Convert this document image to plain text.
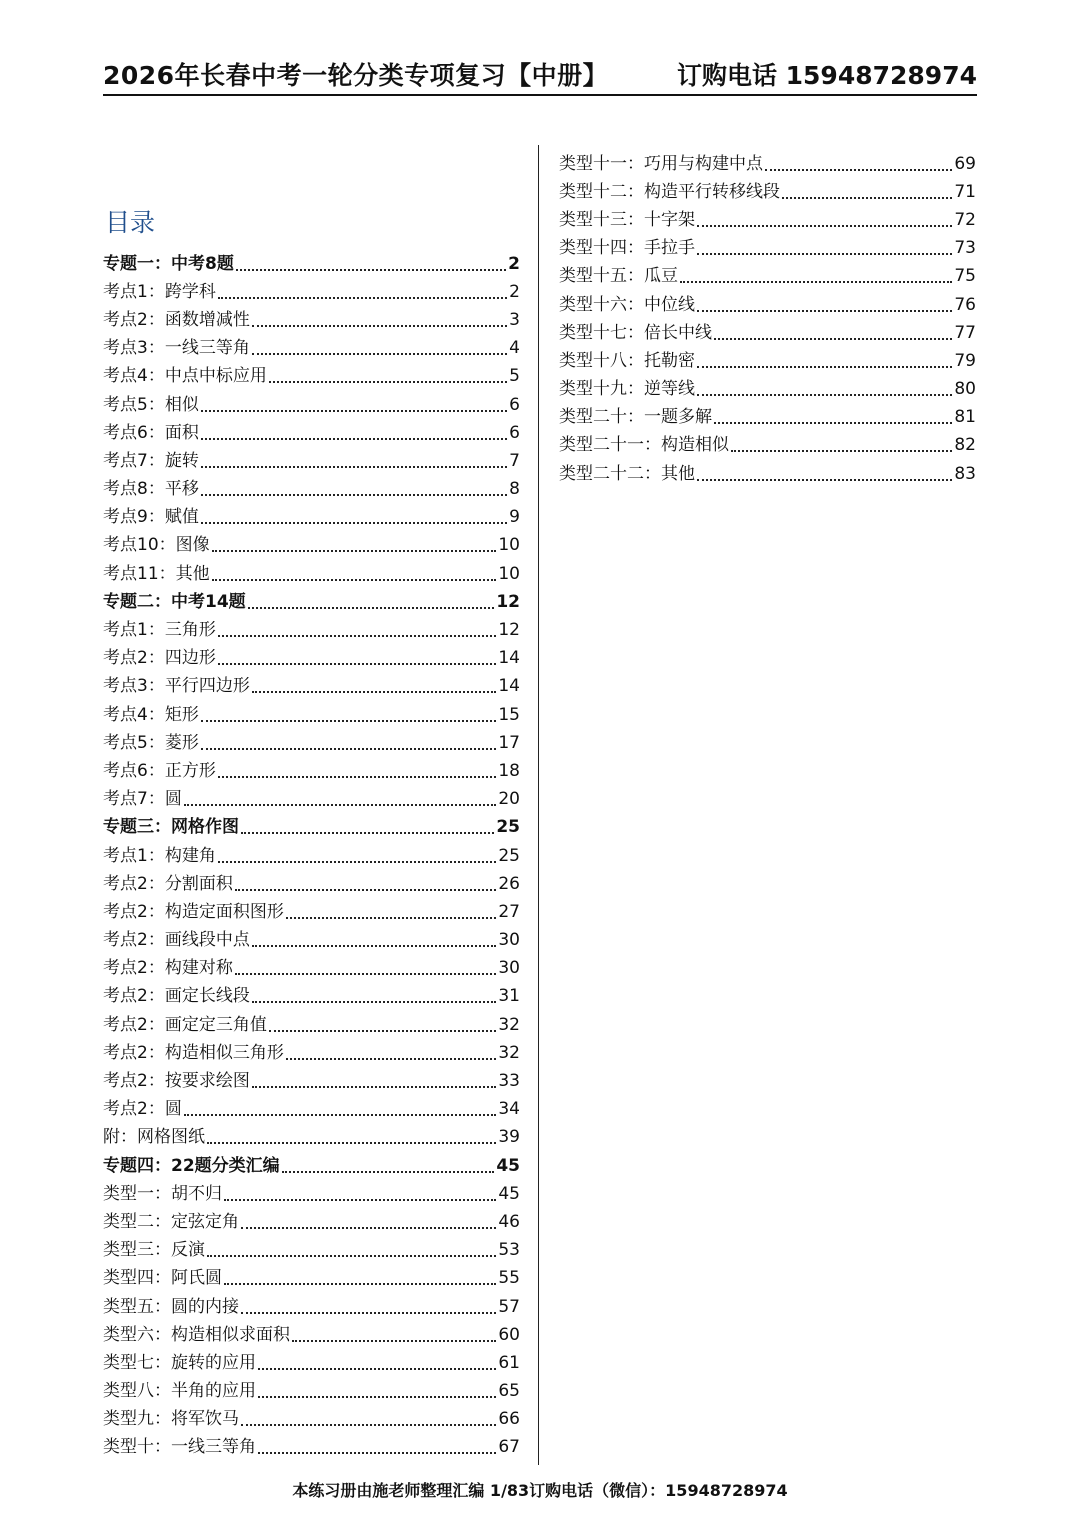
2026年长春中考一轮分类专项复习【中册】	订购电话 15948728974
目录
专题一：中考8题	2
考点1：跨学科	2
考点2：函数增减性	3
考点3：一线三等角	4
考点4：中点中标应用	5
考点5：相似	6
考点6：面积	6
考点7：旋转	7
考点8：平移	8
考点9：赋值	9
考点10：图像	10
考点11：其他	10
专题二：中考14题	12
考点1：三角形	12
考点2：四边形	14
考点3：平行四边形	14
考点4：矩形	15
考点5：菱形	17
考点6：正方形	18
考点7：圆	20
专题三：网格作图	25
考点1：构建角	25
考点2：分割面积	26
考点2：构造定面积图形	27
考点2：画线段中点	30
考点2：构建对称	30
考点2：画定长线段	31
考点2：画定定三角值	32
考点2：构造相似三角形	32
考点2：按要求绘图	33
考点2：圆	34
附：网格图纸	39
专题四：22题分类汇编	45
类型一：胡不归	45
类型二：定弦定角	46
类型三：反演	53
类型四：阿氏圆	55
类型五：圆的内接	57
类型六：构造相似求面积	60
类型七：旋转的应用	61
类型八：半角的应用	65
类型九：将军饮马	66
类型十：一线三等角	67
类型十一：巧用与构建中点	69
类型十二：构造平行转移线段	71
类型十三：十字架	72
类型十四：手拉手	73
类型十五：瓜豆	75
类型十六：中位线	76
类型十七：倍长中线	77
类型十八：托勒密	79
类型十九：逆等线	80
类型二十：一题多解	81
类型二十一：构造相似	82
类型二十二：其他	83
本练习册由施老师整理汇编 1/83订购电话（微信）：15948728974
